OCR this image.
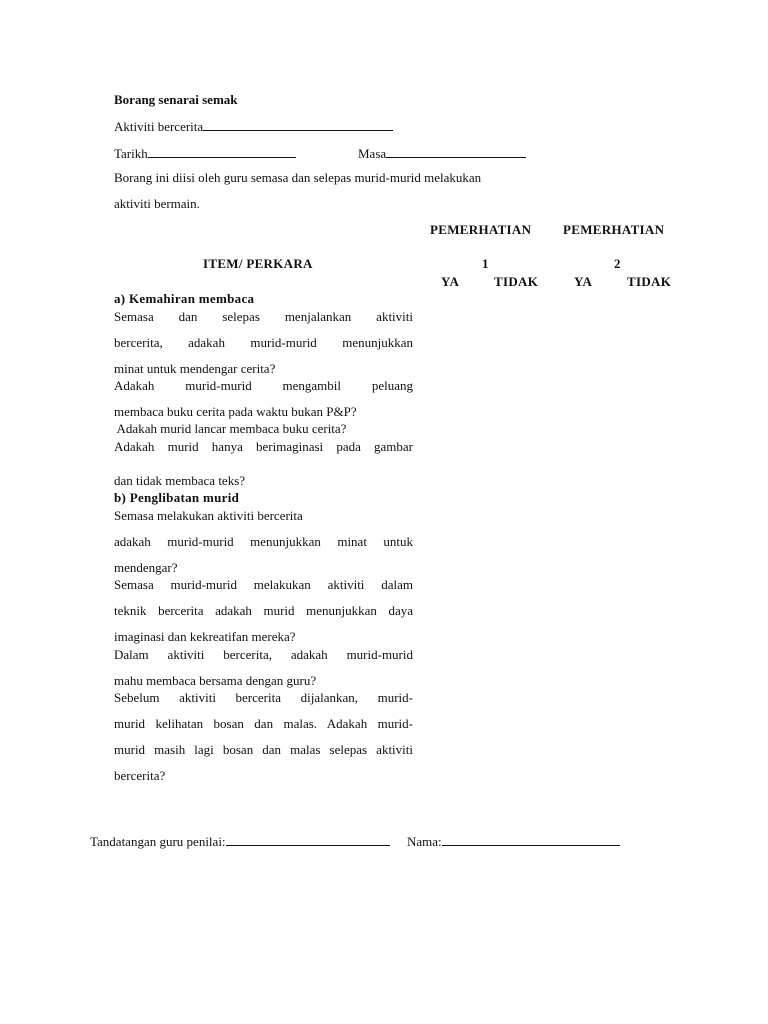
Borang senarai semak
Aktiviti bercerita
Tarikh	Masa
Borang ini diisi oleh guru semasa dan selepas murid-murid melakukan
aktiviti bermain.
PEMERHATIAN PEMERHATIAN
ITEM/ PERKARA	1	2
YA	TIDAK	YA	TIDAK
a) Kemahiran membaca
Semasa dan selepas menjalankan aktiviti
bercerita, adakah murid-murid menunjukkan
minat untuk mendengar cerita?
Adakah murid-murid mengambil peluang
membaca buku cerita pada waktu bukan P&P?
Adakah murid lancar membaca buku cerita?
Adakah murid hanya berimaginasi pada gambar
dan tidak membaca teks?
b) Penglibatan murid
Semasa melakukan aktiviti bercerita
adakah murid-murid menunjukkan minat untuk
mendengar?
Semasa murid-murid melakukan aktiviti dalam
teknik bercerita adakah murid menunjukkan daya
imaginasi dan kekreatifan mereka?
Dalam aktiviti bercerita, adakah murid-murid
mahu membaca bersama dengan guru?
Sebelum aktiviti bercerita dijalankan, murid-
murid kelihatan bosan dan malas. Adakah murid-
murid masih lagi bosan dan malas selepas aktiviti
bercerita?
Tandatangan guru penilai:	Nama:
